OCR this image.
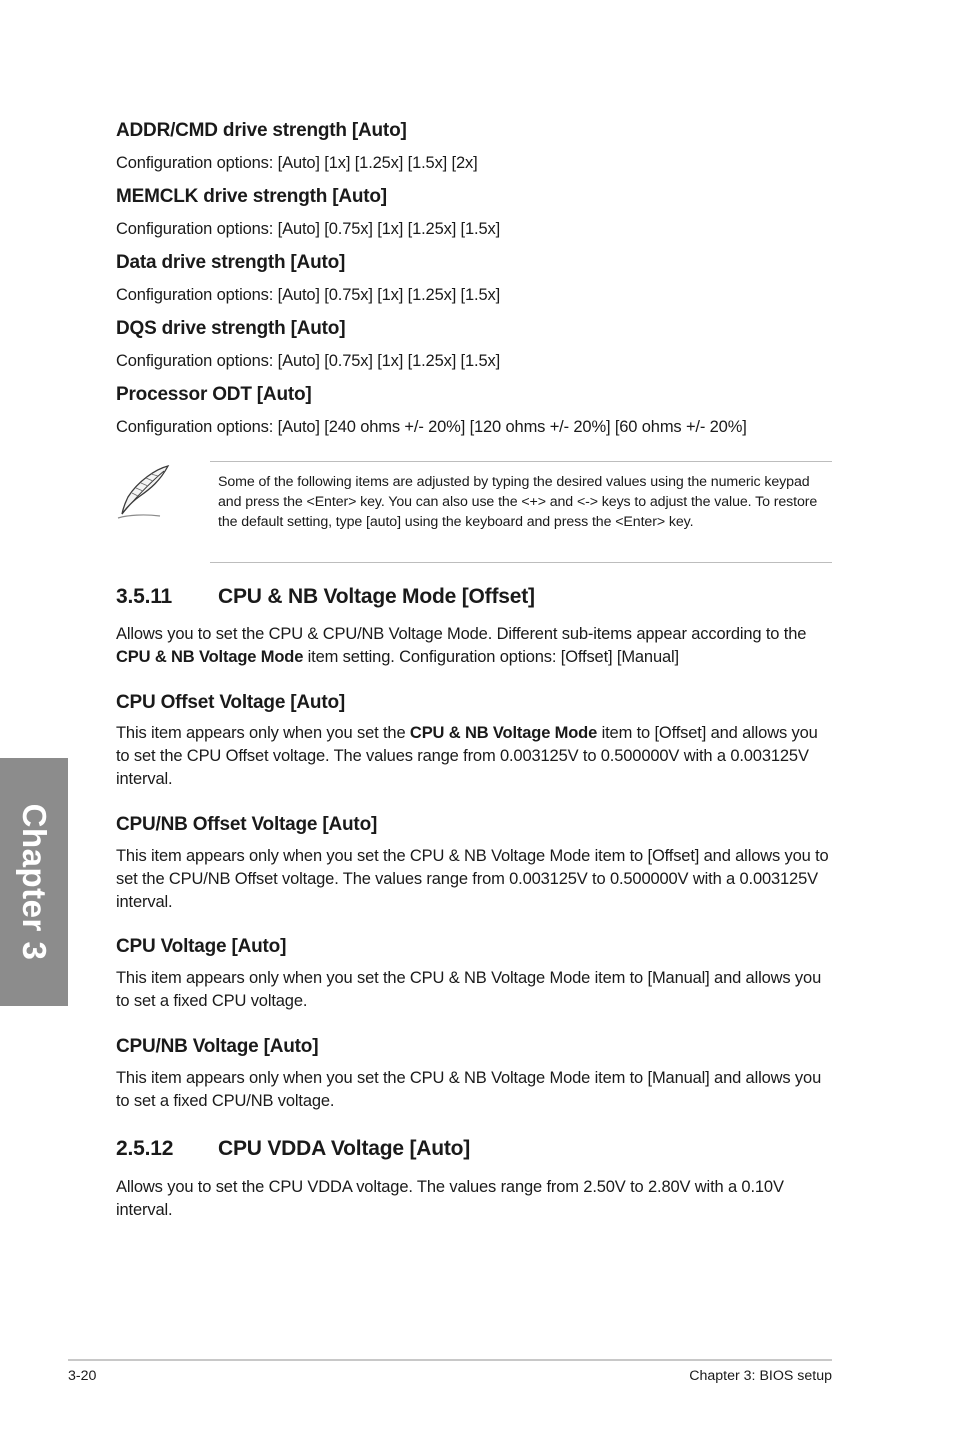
Chapter 3
ADDR/CMD drive strength [Auto]
Configuration options: [Auto] [1x] [1.25x] [1.5x] [2x]
MEMCLK drive strength [Auto]
Configuration options: [Auto] [0.75x] [1x] [1.25x] [1.5x]
Data drive strength [Auto]
Configuration options: [Auto] [0.75x] [1x] [1.25x] [1.5x]
DQS drive strength [Auto]
Configuration options: [Auto] [0.75x] [1x] [1.25x] [1.5x]
Processor ODT [Auto]
Configuration options: [Auto] [240 ohms +/- 20%] [120 ohms +/- 20%] [60 ohms +/- 20%]

Some of the following items are adjusted by typing the desired values using the numeric keypad and press the <Enter> key. You can also use the <+> and <-> keys to adjust the value. To restore the default setting, type [auto] using the keyboard and press the <Enter> key.

3.5.11 CPU & NB Voltage Mode [Offset]

Allows you to set the CPU & CPU/NB Voltage Mode. Different sub-items appear according to the CPU & NB Voltage Mode item setting. Configuration options: [Offset] [Manual]

CPU Offset Voltage [Auto]

This item appears only when you set the CPU & NB Voltage Mode item to [Offset] and allows you to set the CPU Offset voltage. The values range from 0.003125V to 0.500000V with a 0.003125V interval.

CPU/NB Offset Voltage [Auto]

This item appears only when you set the CPU & NB Voltage Mode item to [Offset] and allows you to set the CPU/NB Offset voltage. The values range from 0.003125V to 0.500000V with a 0.003125V interval.

CPU Voltage [Auto]

This item appears only when you set the CPU & NB Voltage Mode item to [Manual] and allows you to set a fixed CPU voltage.

CPU/NB Voltage [Auto]

This item appears only when you set the CPU & NB Voltage Mode item to [Manual] and allows you to set a fixed CPU/NB voltage.

2.5.12 CPU VDDA Voltage [Auto]

Allows you to set the CPU VDDA voltage. The values range from 2.50V to 2.80V with a 0.10V interval.

3-20	Chapter 3: BIOS setup
